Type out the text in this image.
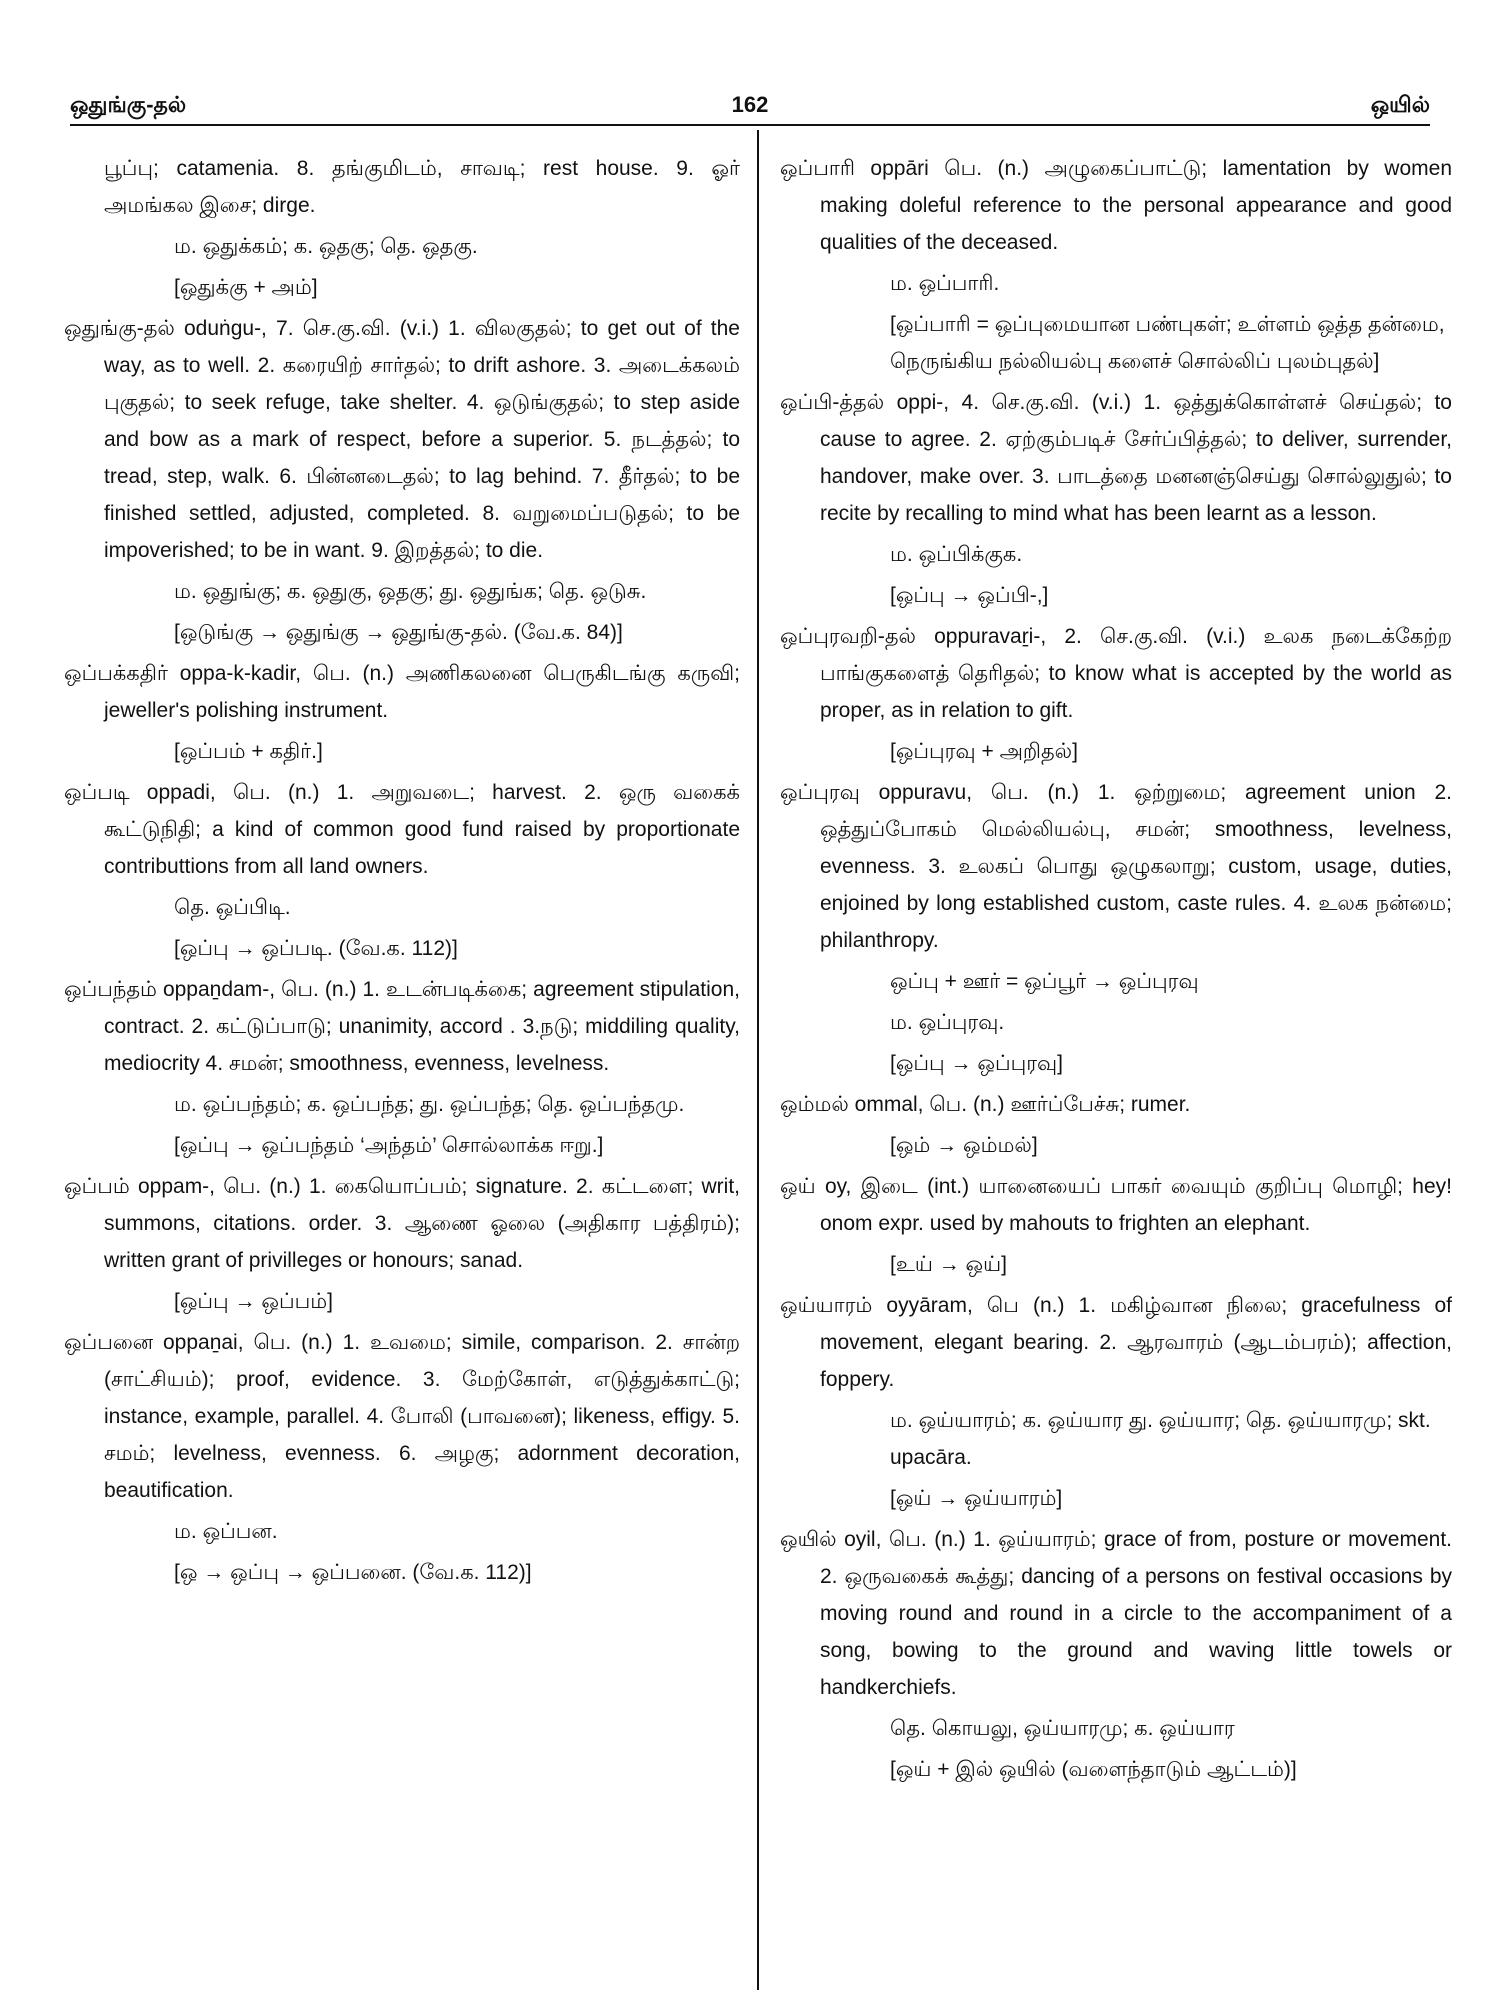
ஒதுங்கு-தல்	162	ஒயில்

பூப்பு; catamenia. 8. தங்குமிடம், சாவடி; rest house. 9. ஓர் அமங்கல இசை; dirge.

ம. ஒதுக்கம்; க. ஒதகு; தெ. ஒதகு.

[ஒதுக்கு + அம்]

ஒதுங்கு-தல் oduṅgu-, 7. செ.கு.வி. (v.i.) 1. விலகுதல்; to get out of the way, as to well. 2. கரையிற் சார்தல்; to drift ashore. 3. அடைக்கலம் புகுதல்; to seek refuge, take shelter. 4. ஒடுங்குதல்; to step aside and bow as a mark of respect, before a superior. 5. நடத்தல்; to tread, step, walk. 6. பின்னடைதல்; to lag behind. 7. தீர்தல்; to be finished settled, adjusted, completed. 8. வறுமைப்படுதல்; to be impoverished; to be in want. 9. இறத்தல்; to die.

ம. ஒதுங்கு; க. ஒதுகு, ஒதகு; து. ஒதுங்க; தெ. ஒடுசு.

[ஒடுங்கு → ஒதுங்கு → ஒதுங்கு-தல். (வே.க. 84)]

ஒப்பக்கதிர் oppa-k-kadir, பெ. (n.) அணிகலனை பெருகிடங்கு கருவி; jeweller's polishing instrument.

[ஒப்பம் + கதிர்.]

ஒப்படி oppadi, பெ. (n.) 1. அறுவடை; harvest. 2. ஒரு வகைக் கூட்டுநிதி; a kind of common good fund raised by proportionate contributtions from all land owners.

தெ. ஒப்பிடி.

[ஒப்பு → ஒப்படி. (வே.க. 112)]

ஒப்பந்தம் oppaṉdam-, பெ. (n.) 1. உடன்படிக்கை; agreement stipulation, contract. 2. கட்டுப்பாடு; unanimity, accord . 3.நடு; middiling quality, mediocrity 4. சமன்; smoothness, evenness, levelness.

ம. ஒப்பந்தம்; க. ஒப்பந்த; து. ஒப்பந்த; தெ. ஒப்பந்தமு.

[ஒப்பு → ஒப்பந்தம் ‘அந்தம்’ சொல்லாக்க ஈறு.]

ஒப்பம் oppam-, பெ. (n.) 1. கையொப்பம்; signature. 2. கட்டளை; writ, summons, citations. order. 3. ஆணை ஓலை (அதிகார பத்திரம்); written grant of privilleges or honours; sanad.

[ஒப்பு → ஒப்பம்]

ஒப்பனை oppaṉai, பெ. (n.) 1. உவமை; simile, comparison. 2. சான்ற (சாட்சியம்); proof, evidence. 3. மேற்கோள், எடுத்துக்காட்டு; instance, example, parallel. 4. போலி (பாவனை); likeness, effigy. 5. சமம்; levelness, evenness. 6. அழகு; adornment decoration, beautification.

ம. ஒப்பன.

[ஒ → ஒப்பு → ஒப்பனை. (வே.க. 112)]

ஒப்பாரி oppāri பெ. (n.) அழுகைப்பாட்டு; lamentation by women making doleful reference to the personal appearance and good qualities of the deceased.

ம. ஒப்பாரி.

[ஒப்பாரி = ஒப்புமையான பண்புகள்; உள்ளம் ஒத்த தன்மை, நெருங்கிய நல்லியல்பு களைச் சொல்லிப் புலம்புதல்]

ஒப்பி-த்தல் oppi-, 4. செ.கு.வி. (v.i.) 1. ஒத்துக்கொள்ளச் செய்தல்; to cause to agree. 2. ஏற்கும்படிச் சேர்ப்பித்தல்; to deliver, surrender, handover, make over. 3. பாடத்தை மனனஞ்செய்து சொல்லுதுல்; to recite by recalling to mind what has been learnt as a lesson.

ம. ஒப்பிக்குக.

[ஒப்பு → ஒப்பி-,]

ஒப்புரவறி-தல் oppuravaṟi-, 2. செ.கு.வி. (v.i.) உலக நடைக்கேற்ற பாங்குகளைத் தெரிதல்; to know what is accepted by the world as proper, as in relation to gift.

[ஒப்புரவு + அறிதல்]

ஒப்புரவு oppuravu, பெ. (n.) 1. ஒற்றுமை; agreement union 2. ஒத்துப்போகம் மெல்லியல்பு, சமன்; smoothness, levelness, evenness. 3. உலகப் பொது ஒழுகலாறு; custom, usage, duties, enjoined by long established custom, caste rules. 4. உலக நன்மை; philanthropy.

ஒப்பு + ஊர் = ஒப்பூர் → ஒப்புரவு

ம. ஒப்புரவு.

[ஒப்பு → ஒப்புரவு]

ஒம்மல் ommal, பெ. (n.) ஊர்ப்பேச்சு; rumer.

[ஒம் → ஒம்மல்]

ஒய் oy, இடை (int.) யானையைப் பாகர் வையும் குறிப்பு மொழி; hey! onom expr. used by mahouts to frighten an elephant.

[உய் → ஒய்]

ஒய்யாரம் oyyāram, பெ (n.) 1. மகிழ்வான நிலை; gracefulness of movement, elegant bearing. 2. ஆரவாரம் (ஆடம்பரம்); affection, foppery.

ம. ஒய்யாரம்; க. ஒய்யார து. ஒய்யார; தெ. ஒய்யாரமு; skt. upacāra.

[ஒய் → ஒய்யாரம்]

ஒயில் oyil, பெ. (n.) 1. ஒய்யாரம்; grace of from, posture or movement. 2. ஒருவகைக் கூத்து; dancing of a persons on festival occasions by moving round and round in a circle to the accompaniment of a song, bowing to the ground and waving little towels or handkerchiefs.

தெ. கொயலு, ஒய்யாரமு; க. ஒய்யார

[ஒய் + இல் ஒயில் (வளைந்தாடும் ஆட்டம்)]
